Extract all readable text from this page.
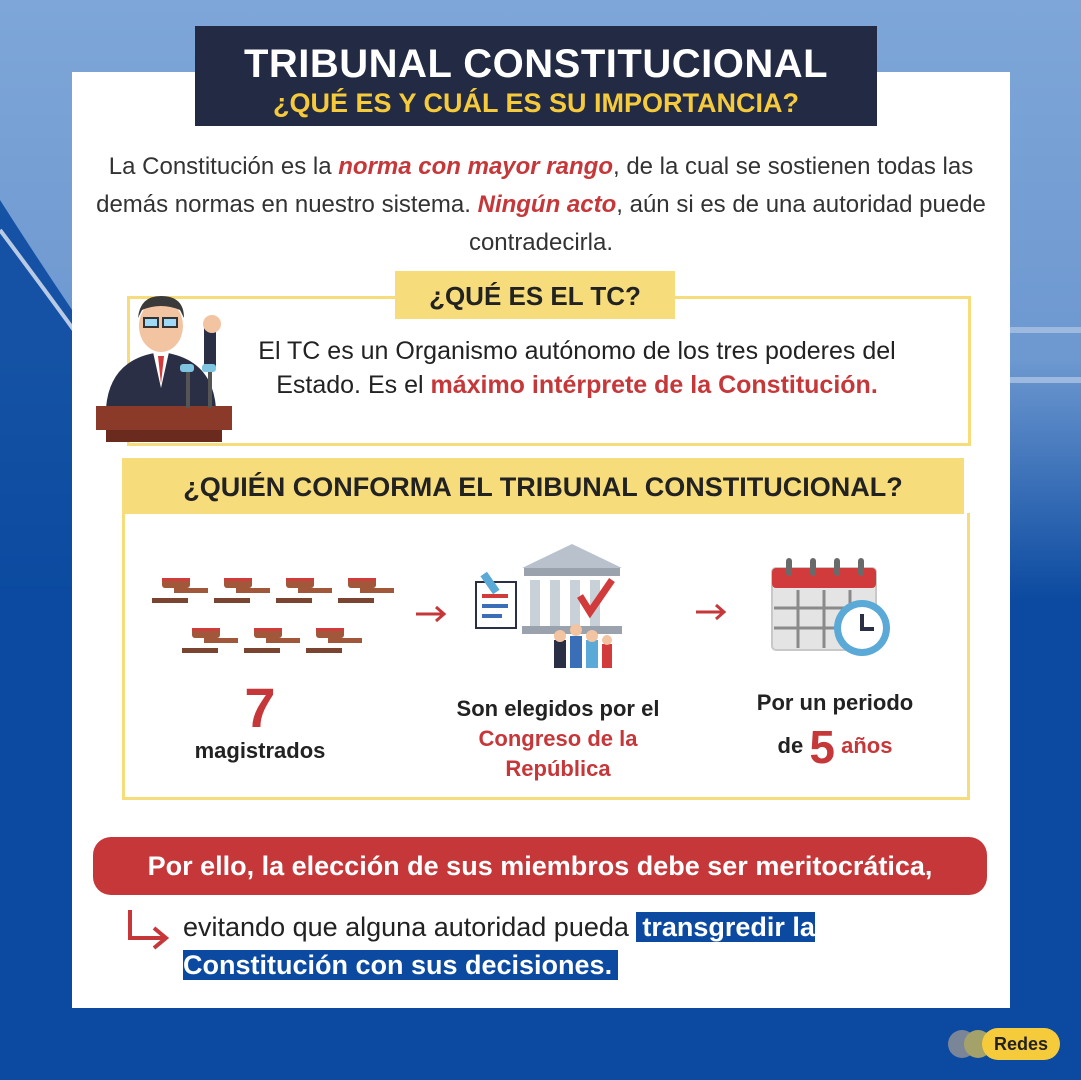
TRIBUNAL CONSTITUCIONAL
¿QUÉ ES Y CUÁL ES SU IMPORTANCIA?
La Constitución es la norma con mayor rango, de la cual se sostienen todas las demás normas en nuestro sistema. Ningún acto, aún si es de una autoridad puede contradecirla.
¿QUÉ ES EL TC?
El TC es un Organismo autónomo de los tres poderes del Estado. Es el máximo intérprete de la Constitución.
¿QUIÉN CONFORMA EL TRIBUNAL CONSTITUCIONAL?
7
magistrados
Son elegidos por el
Congreso de la República
Por un periodo
de 5 años
Por ello, la elección de sus miembros debe ser meritocrática,
evitando que alguna autoridad pueda transgredir la Constitución con sus decisiones.
Redes
